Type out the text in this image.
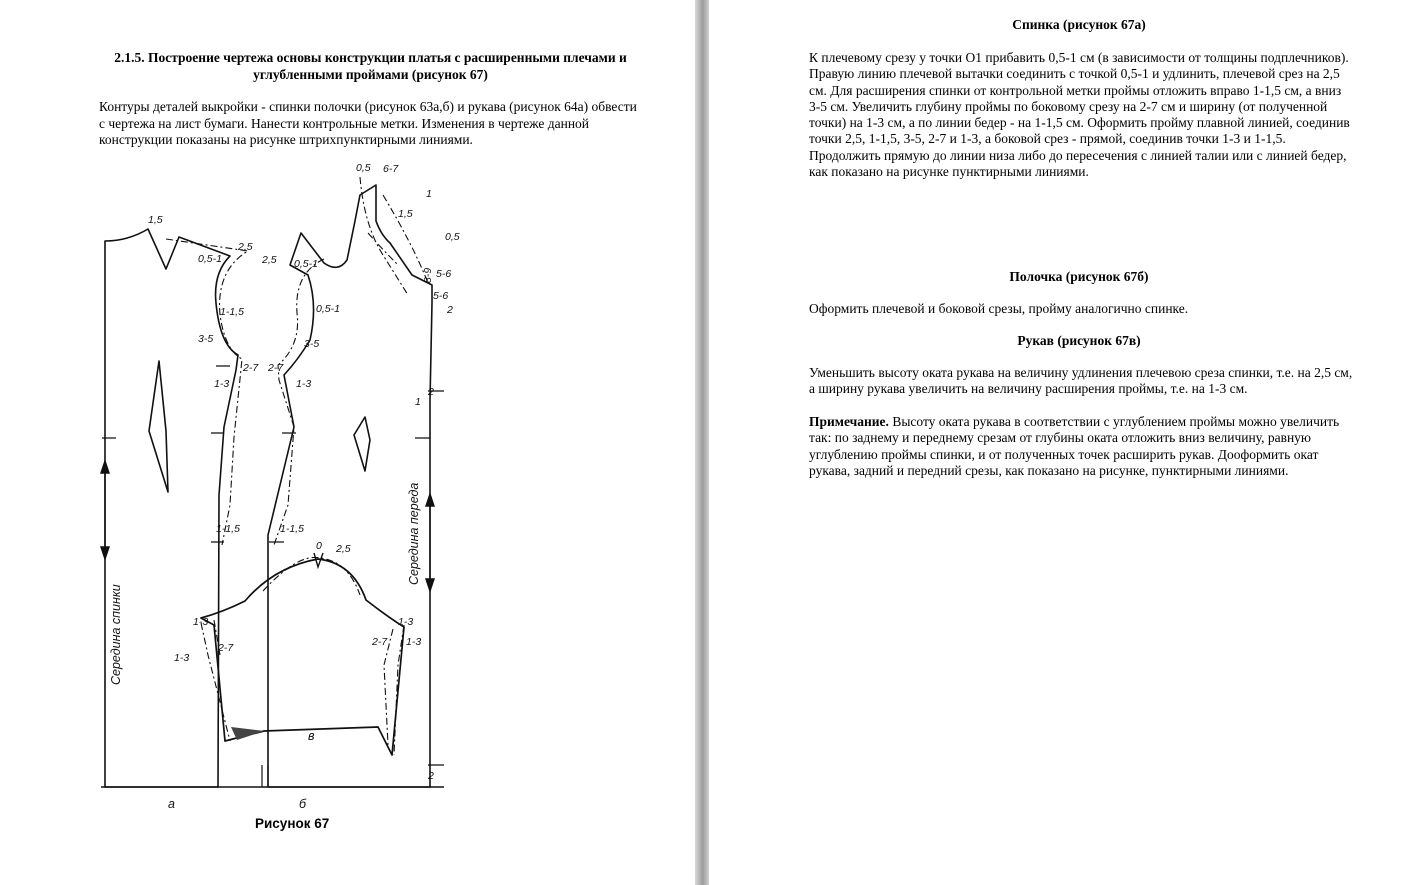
2.1.5. Построение чертежа основы конструкции платья с расширенными плечами и углубленными проймами (рисунок 67)
Контуры деталей выкройки - спинки полочки (рисунок 63а,б) и рукава (рисунок 64а) обвести с чертежа на лист бумаги. Нанести контрольные метки. Изменения в чертеже данной конструкции показаны на рисунке штрихпунктирными линиями.
1,5
2,5
0,5-1
1-1,5
3-5
2-7
1-3
1-1,5
2,5 0,5-1
0,5-1
3-5
2-7
1-3
1-1,5
0 2,5
1-3
2-7
1-3
1-3
2-7 1-3
0,5 6-7
1
1,5
0,5
8-9 5-6
5-6
2
2
1
2
Середина спинки
Середина переда
а	б
в
Рисунок 67
Спинка (рисунок 67а)
К плечевому срезу у точки О1 прибавить 0,5-1 см (в зависимости от толщины подплечников). Правую линию плечевой вытачки соединить с точкой 0,5-1 и удлинить, плечевой срез на 2,5 см. Для расширения спинки от контрольной метки проймы отложить вправо 1-1,5 см, а вниз 3-5 см. Увеличить глубину проймы по боковому срезу на 2-7 см и ширину (от полученной точки) на 1-3 см, а по линии бедер - на 1-1,5 см. Оформить пройму плавной линией, соединив точки 2,5, 1-1,5, 3-5, 2-7 и 1-3, а боковой срез - прямой, соединив точки 1-3 и 1-1,5. Продолжить прямую до линии низа либо до пересечения с линией талии или с линией бедер, как показано на рисунке пунктирными линиями.
Полочка (рисунок 67б)
Оформить плечевой и боковой срезы, пройму аналогично спинке.
Рукав (рисунок 67в)
Уменьшить высоту оката рукава на величину удлинения плечевою среза спинки, т.е. на 2,5 см, а ширину рукава увеличить на величину расширения проймы, т.е. на 1-3 см.
Примечание. Высоту оката рукава в соответствии с углублением проймы можно увеличить так: по заднему и переднему срезам от глубины оката отложить вниз величину, равную углублению проймы спинки, и от полученных точек расширить рукав. Дооформить окат рукава, задний и передний срезы, как показано на рисунке, пунктирными линиями.
